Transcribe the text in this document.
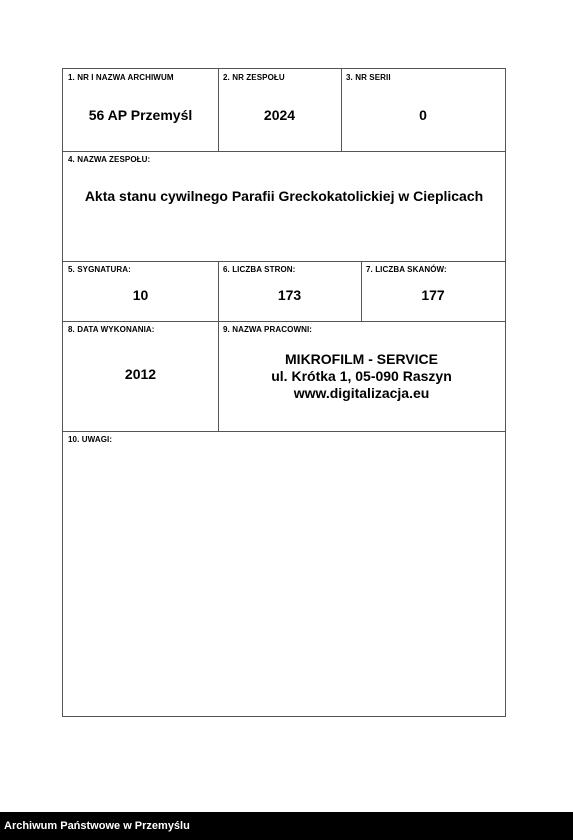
1. NR I NAZWA ARCHIWUM
56 AP Przemyśl
2. NR ZESPOŁU
2024
3. NR SERII
0
4. NAZWA ZESPOŁU:
Akta stanu cywilnego Parafii Greckokatolickiej w Cieplicach
5. SYGNATURA:
10
6. LICZBA STRON:
173
7. LICZBA SKANÓW:
177
8. DATA WYKONANIA:
2012
9. NAZWA PRACOWNI:
MIKROFILM - SERVICE
ul. Krótka 1, 05-090 Raszyn
www.digitalizacja.eu
10. UWAGI:
Archiwum Państwowe w Przemyślu
